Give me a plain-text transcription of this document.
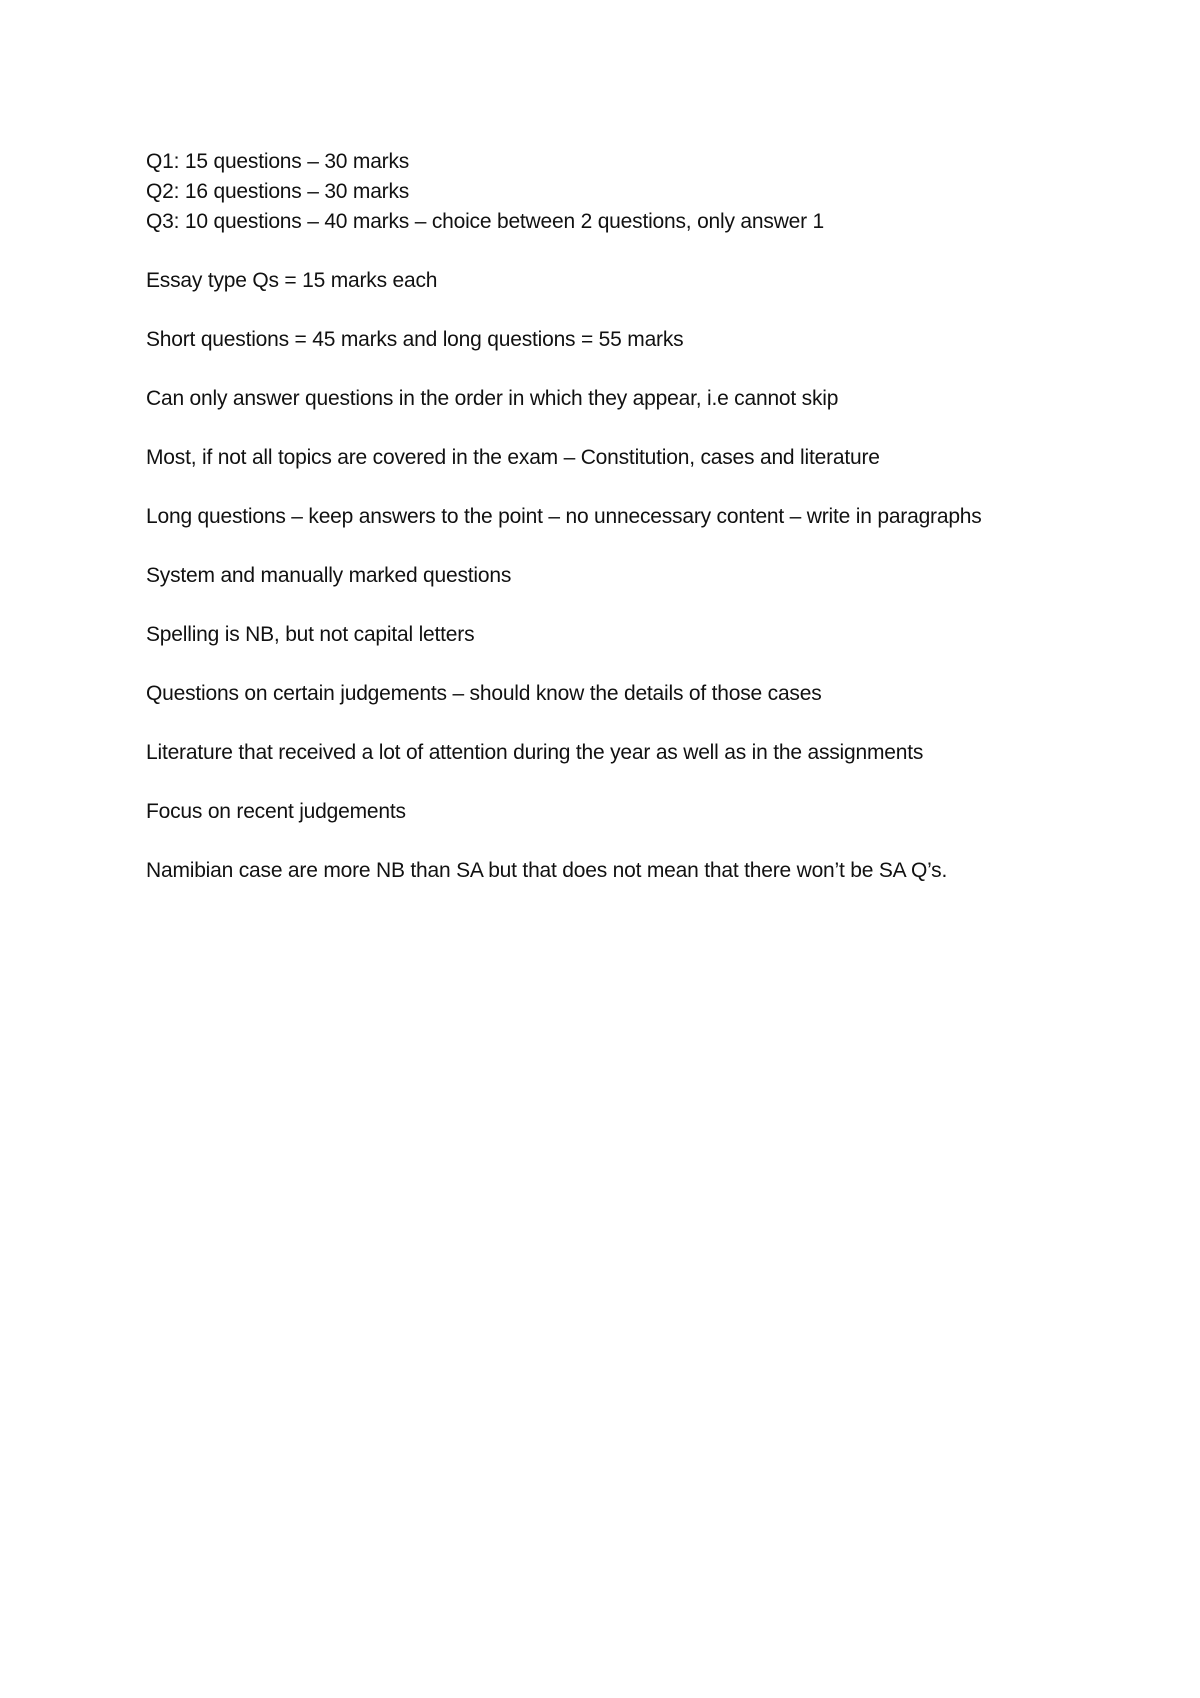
Q1: 15 questions – 30 marks
Q2: 16 questions – 30 marks
Q3: 10 questions – 40 marks – choice between 2 questions, only answer 1
Essay type Qs = 15 marks each
Short questions = 45 marks and long questions = 55 marks
Can only answer questions in the order in which they appear, i.e cannot skip
Most, if not all topics are covered in the exam – Constitution, cases and literature
Long questions – keep answers to the point – no unnecessary content – write in paragraphs
System and manually marked questions
Spelling is NB, but not capital letters
Questions on certain judgements – should know the details of those cases
Literature that received a lot of attention during the year as well as in the assignments
Focus on recent judgements
Namibian case are more NB than SA but that does not mean that there won’t be SA Q’s.
